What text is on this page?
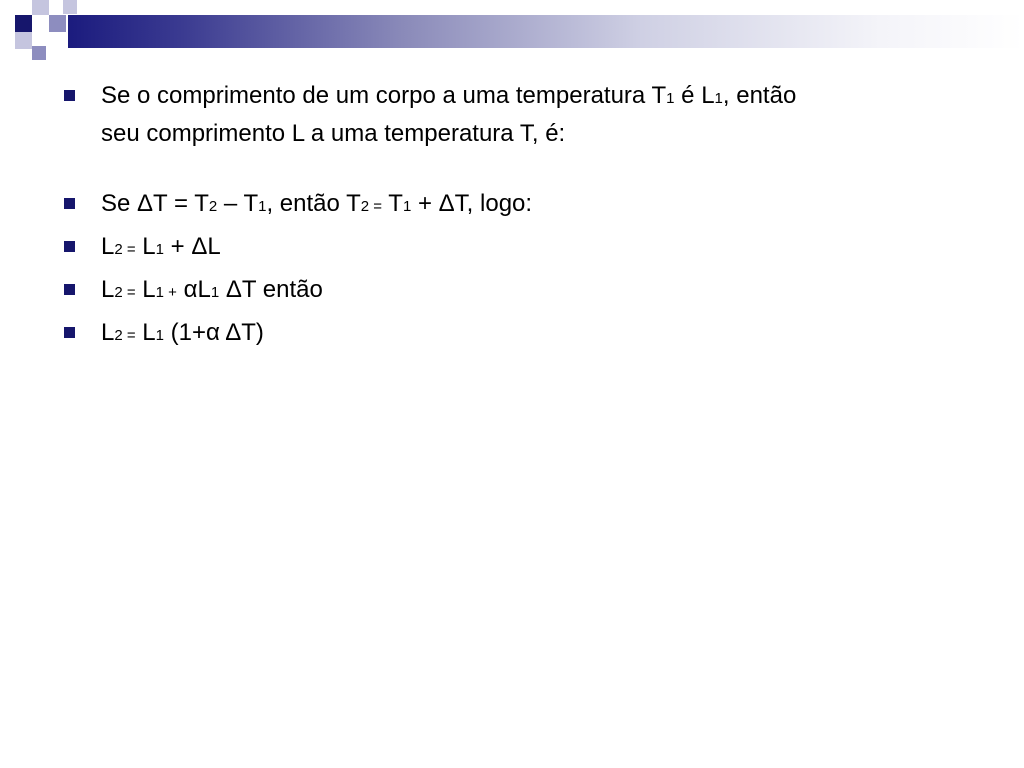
Se o comprimento de um corpo a uma temperatura T1 é L1, então
seu comprimento L a uma temperatura T, é:
Se ΔT = T2 – T1, então T2 = T1 + ΔT, logo:
L2 = L1 + ΔL
L2 = L1 + αL1 ΔT então
L2 = L1 (1+α ΔT)
